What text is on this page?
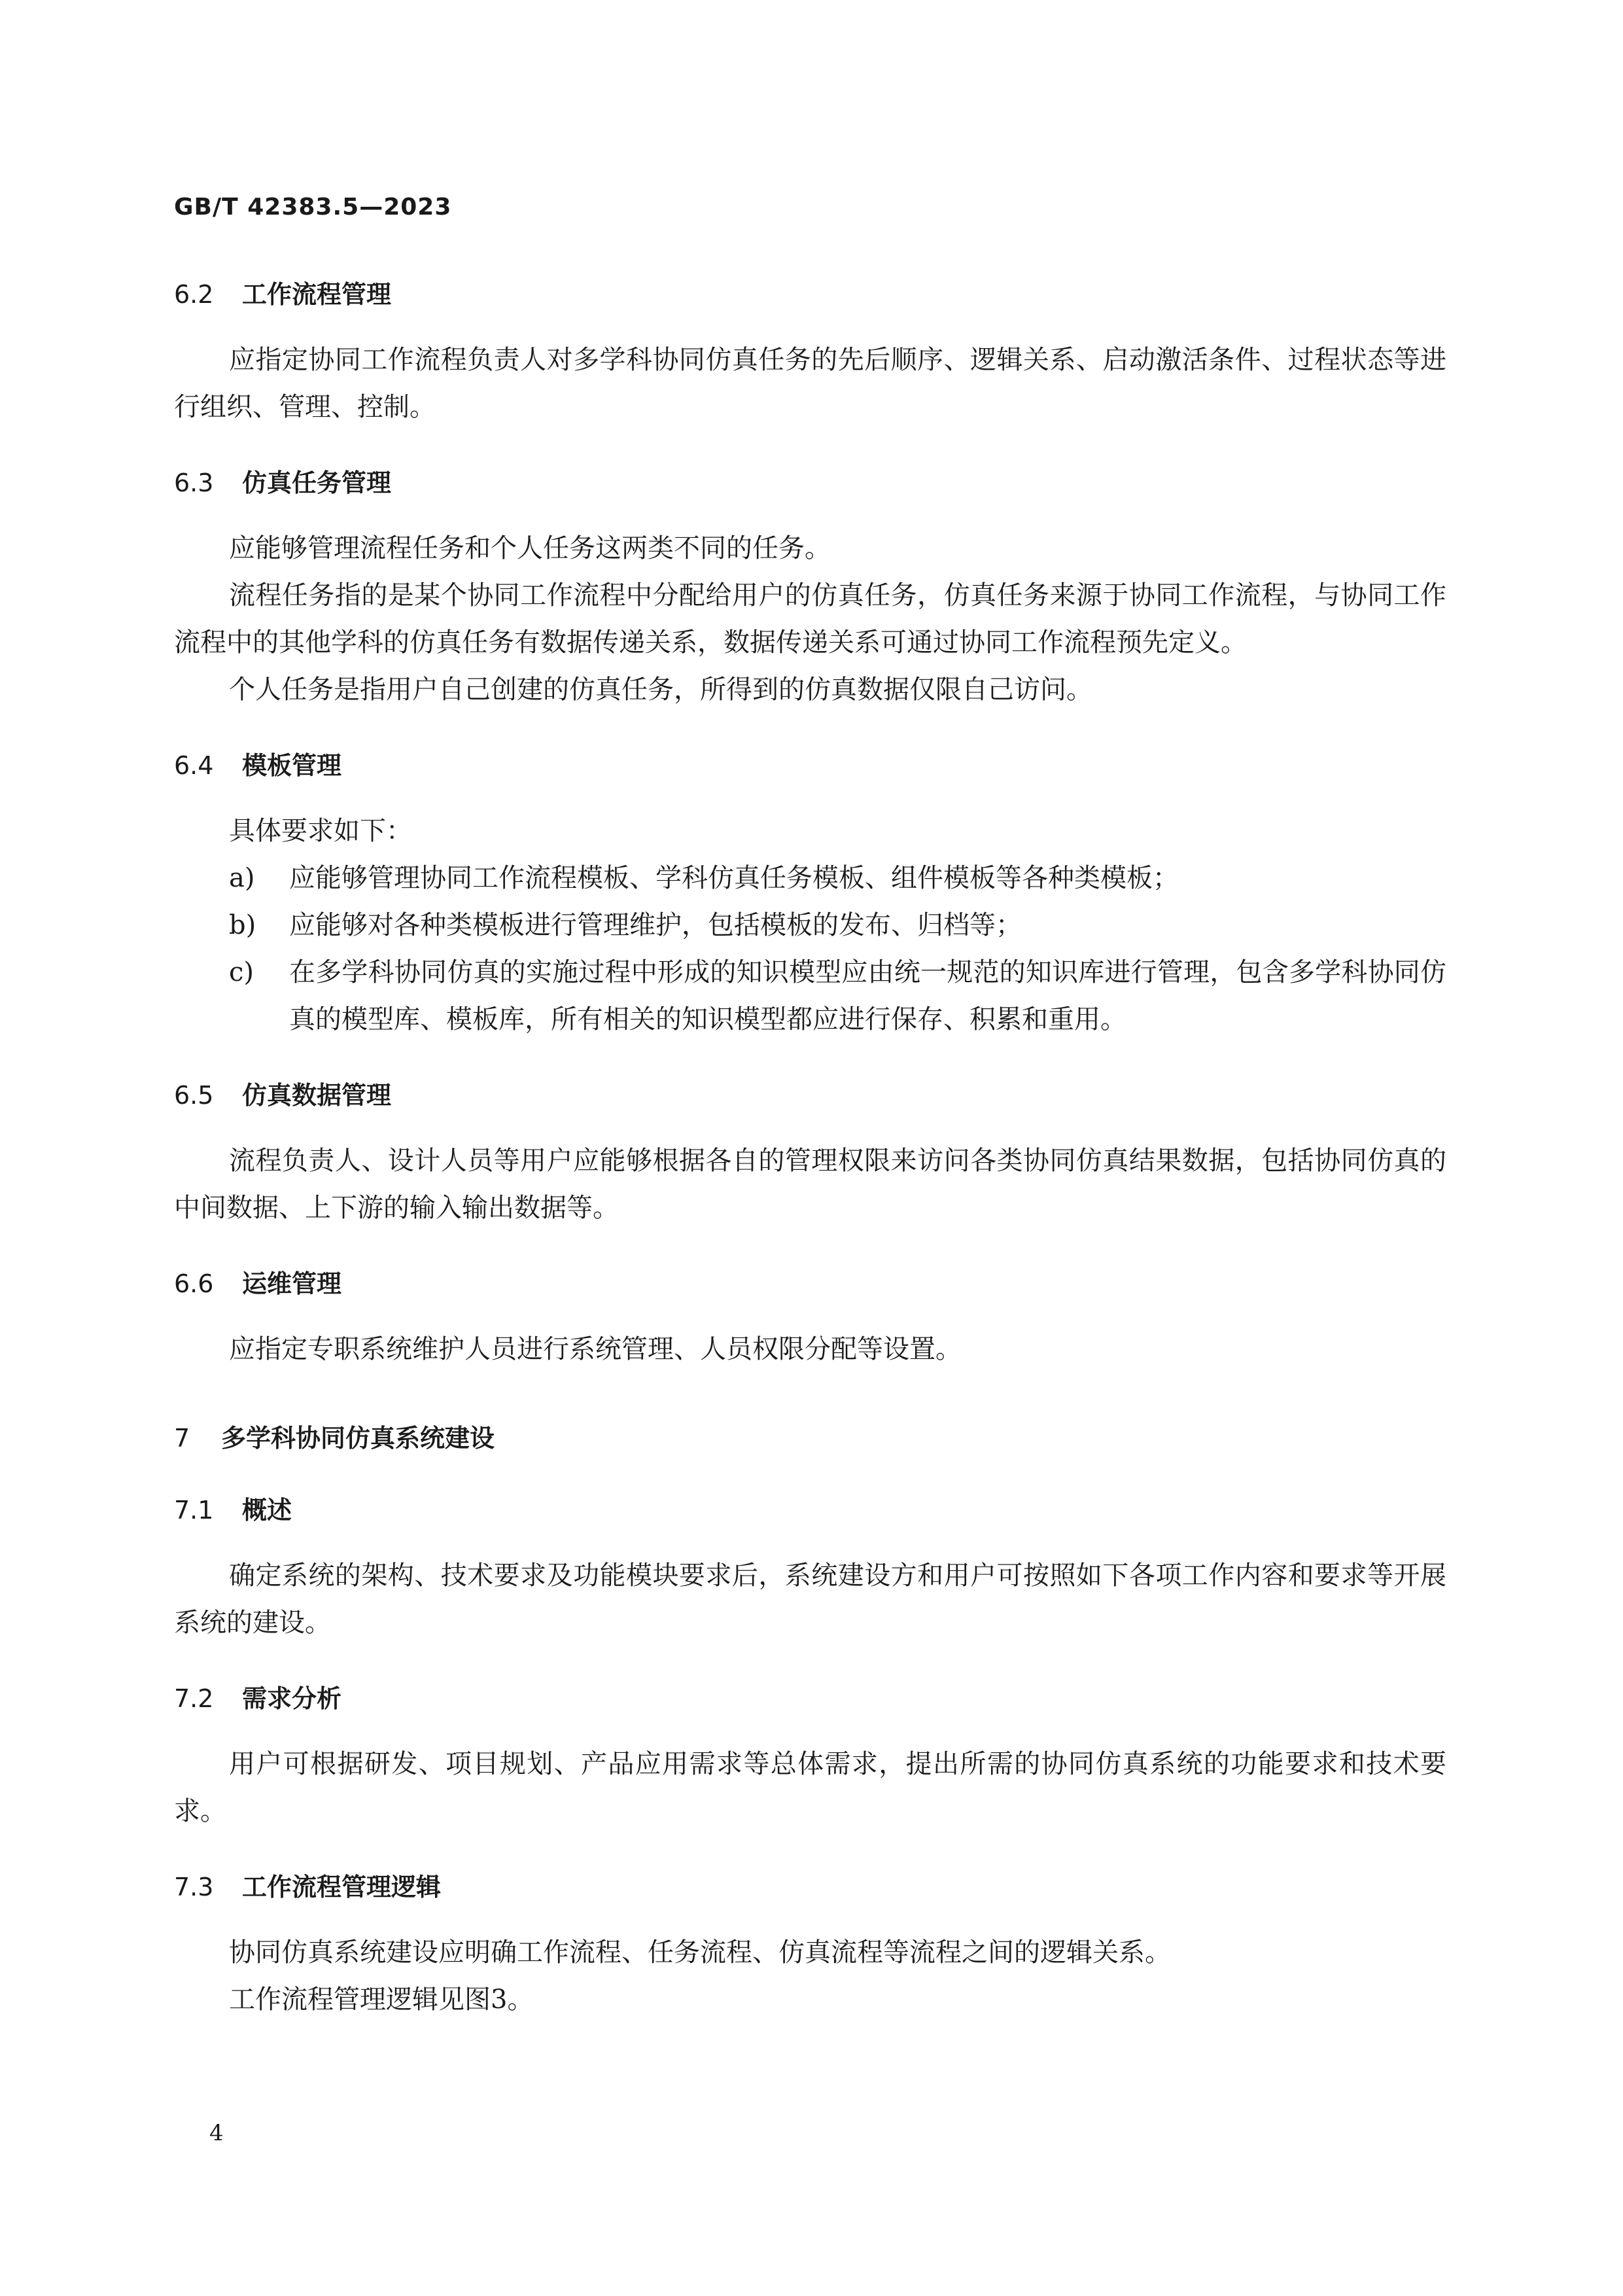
GB/T 42383.5—2023
6.2 工作流程管理

应指定协同工作流程负责人对多学科协同仿真任务的先后顺序、逻辑关系、启动激活条件、过程状态等进行组织、管理、控制。

6.3 仿真任务管理

应能够管理流程任务和个人任务这两类不同的任务。

流程任务指的是某个协同工作流程中分配给用户的仿真任务，仿真任务来源于协同工作流程，与协同工作流程中的其他学科的仿真任务有数据传递关系，数据传递关系可通过协同工作流程预先定义。

个人任务是指用户自己创建的仿真任务，所得到的仿真数据仅限自己访问。

6.4 模板管理

具体要求如下：

a) 应能够管理协同工作流程模板、学科仿真任务模板、组件模板等各种类模板；
b) 应能够对各种类模板进行管理维护，包括模板的发布、归档等；
c) 在多学科协同仿真的实施过程中形成的知识模型应由统一规范的知识库进行管理，包含多学科协同仿真的模型库、模板库，所有相关的知识模型都应进行保存、积累和重用。
6.5 仿真数据管理

流程负责人、设计人员等用户应能够根据各自的管理权限来访问各类协同仿真结果数据，包括协同仿真的中间数据、上下游的输入输出数据等。

6.6 运维管理

应指定专职系统维护人员进行系统管理、人员权限分配等设置。

7 多学科协同仿真系统建设
7.1 概述

确定系统的架构、技术要求及功能模块要求后，系统建设方和用户可按照如下各项工作内容和要求等开展系统的建设。

7.2 需求分析

用户可根据研发、项目规划、产品应用需求等总体需求，提出所需的协同仿真系统的功能要求和技术要求。

7.3 工作流程管理逻辑

协同仿真系统建设应明确工作流程、任务流程、仿真流程等流程之间的逻辑关系。

工作流程管理逻辑见图3。

4
